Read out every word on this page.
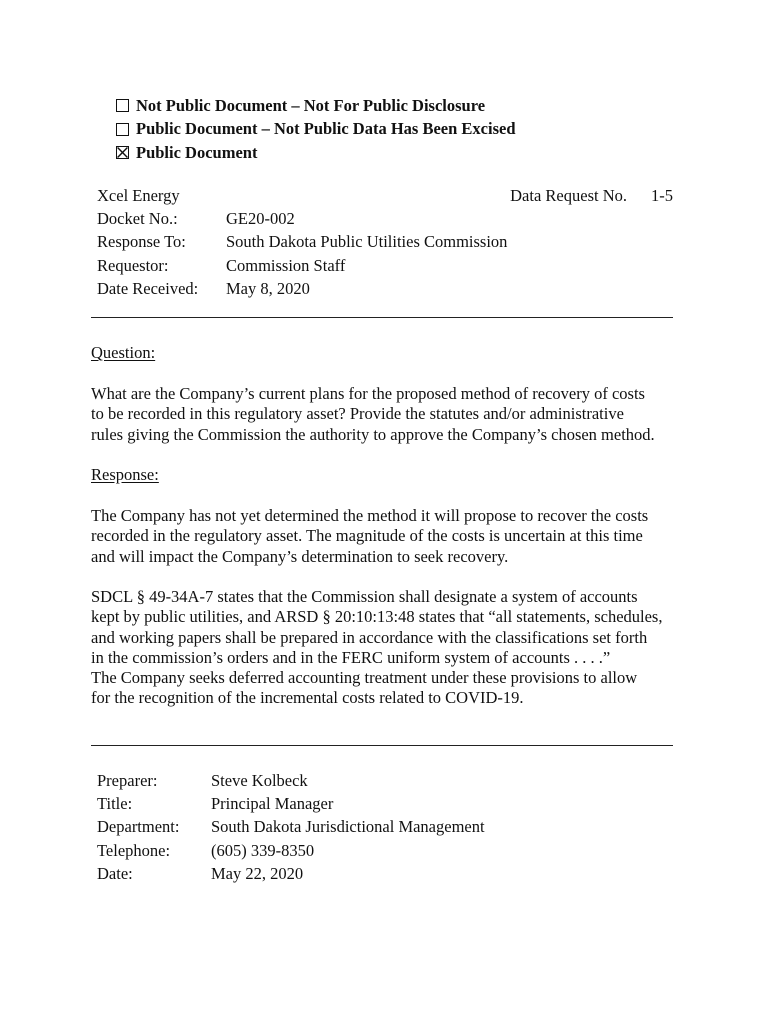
Not Public Document – Not For Public Disclosure
Public Document – Not Public Data Has Been Excised
Public Document
Xcel Energy	Data Request No. 1-5
Docket No.:	GE20-002
Response To:	South Dakota Public Utilities Commission
Requestor:	Commission Staff
Date Received:	May 8, 2020

Question:

What are the Company’s current plans for the proposed method of recovery of costs
to be recorded in this regulatory asset? Provide the statutes and/or administrative
rules giving the Commission the authority to approve the Company’s chosen method.

Response:

The Company has not yet determined the method it will propose to recover the costs
recorded in the regulatory asset. The magnitude of the costs is uncertain at this time
and will impact the Company’s determination to seek recovery.
SDCL § 49-34A-7 states that the Commission shall designate a system of accounts
kept by public utilities, and ARSD § 20:10:13:48 states that “all statements, schedules,
and working papers shall be prepared in accordance with the classifications set forth
in the commission’s orders and in the FERC uniform system of accounts . . . .”
The Company seeks deferred accounting treatment under these provisions to allow
for the recognition of the incremental costs related to COVID-19.
Preparer:	Steve Kolbeck
Title:	Principal Manager
Department:	South Dakota Jurisdictional Management
Telephone:	(605) 339-8350
Date:	May 22, 2020
